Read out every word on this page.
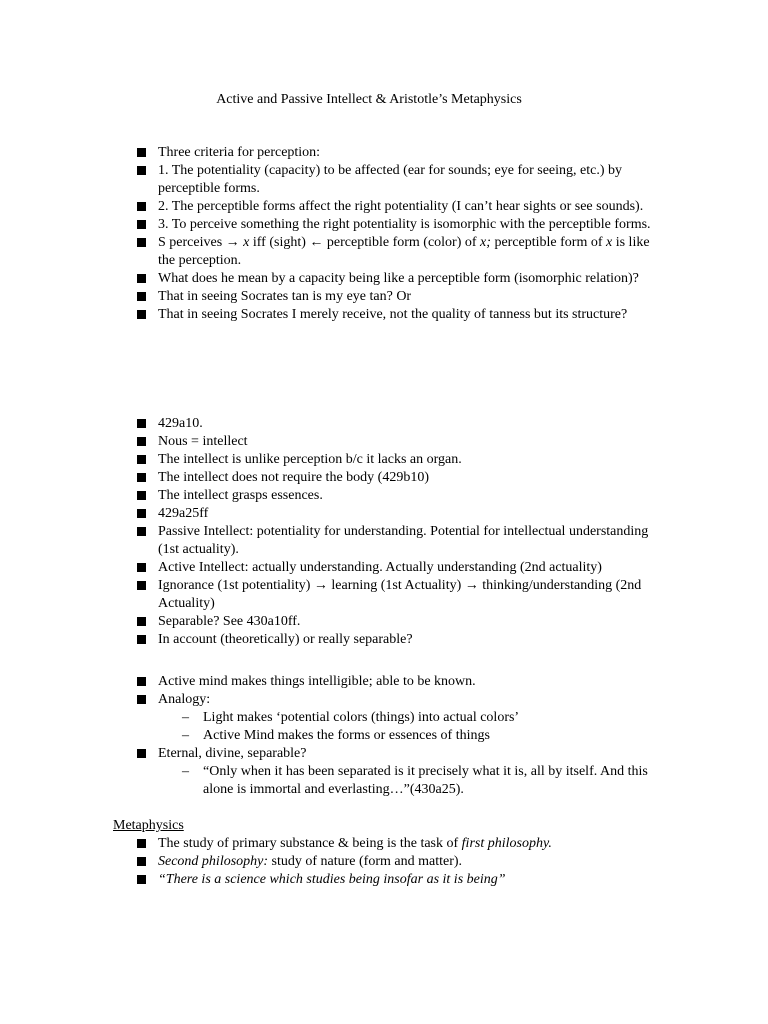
Active and Passive Intellect & Aristotle’s Metaphysics
Three criteria for perception:
1. The potentiality (capacity) to be affected (ear for sounds; eye for seeing, etc.) by perceptible forms.
2. The perceptible forms affect the right potentiality (I can’t hear sights or see sounds).
3. To perceive something the right potentiality is isomorphic with the perceptible forms.
S perceives → x iff (sight) ← perceptible form (color) of x; perceptible form of x is like the perception.
What does he mean by a capacity being like a perceptible form (isomorphic relation)?
That in seeing Socrates tan is my eye tan? Or
That in seeing Socrates I merely receive, not the quality of tanness but its structure?
429a10.
Nous = intellect
The intellect is unlike perception b/c it lacks an organ.
The intellect does not require the body (429b10)
The intellect grasps essences.
429a25ff
Passive Intellect: potentiality for understanding. Potential for intellectual understanding (1st actuality).
Active Intellect: actually understanding. Actually understanding (2nd actuality)
Ignorance (1st potentiality) → learning (1st Actuality) → thinking/understanding (2nd Actuality)
Separable? See 430a10ff.
In account (theoretically) or really separable?
Active mind makes things intelligible; able to be known.
Analogy:
– Light makes ‘potential colors (things) into actual colors’
– Active Mind makes the forms or essences of things
Eternal, divine, separable?
– “Only when it has been separated is it precisely what it is, all by itself. And this alone is immortal and everlasting…”(430a25).
Metaphysics
The study of primary substance & being is the task of first philosophy.
Second philosophy: study of nature (form and matter).
“There is a science which studies being insofar as it is being”
